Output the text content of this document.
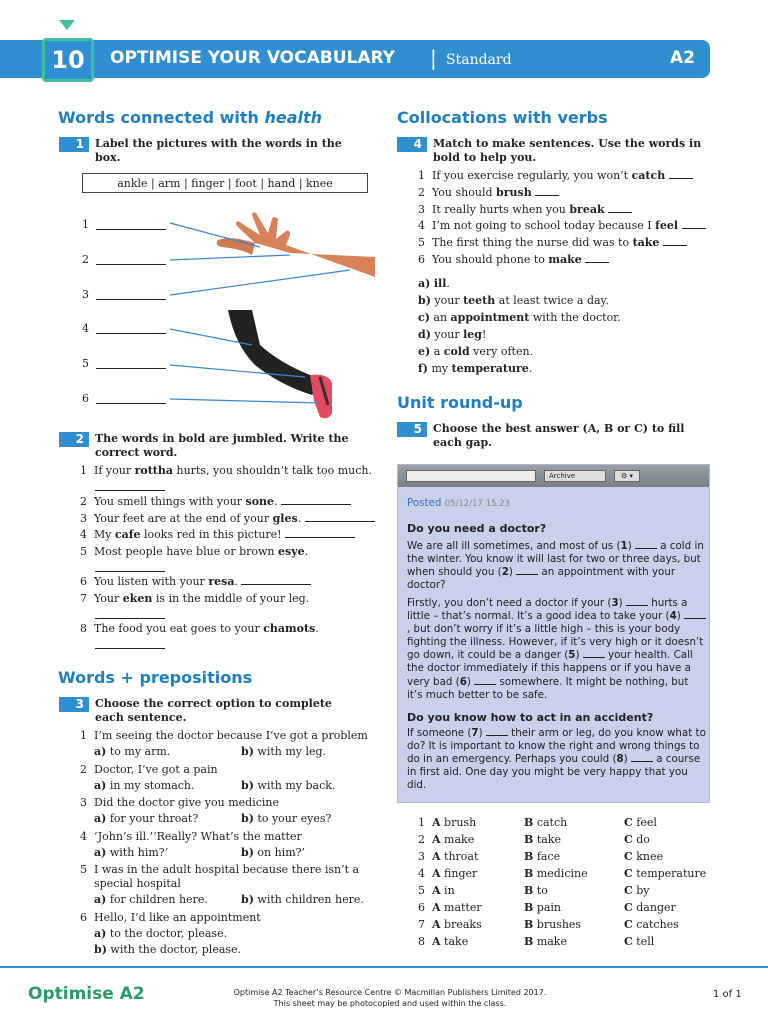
10	OPTIMISE YOUR VOCABULARY | Standard	A2
Words connected with health
1	Label the pictures with the words in the box.
ankle | arm | finger | foot | hand | knee
1
2
3
4
5
6
2	The words in bold are jumbled. Write the correct word.
1 If your rottha hurts, you shouldn’t talk too much.
2 You smell things with your sone.
3 Your feet are at the end of your gles.
4 My cafe looks red in this picture!
5 Most people have blue or brown esye.
6 You listen with your resa.
7 Your eken is in the middle of your leg.
8 The food you eat goes to your chamots.
Words + prepositions
3	Choose the correct option to complete each sentence.
1 I’m seeing the doctor because I’ve got a problem
a) to my arm.	b) with my leg.
2 Doctor, I’ve got a pain
a) in my stomach.	b) with my back.
3 Did the doctor give you medicine
a) for your throat?	b) to your eyes?
4 ‘John’s ill.’‘Really? What’s the matter
a) with him?’	b) on him?’
5 I was in the adult hospital because there isn’t a
special hospital
a) for children here.	b) with children here.
6 Hello, I’d like an appointment
a) to the doctor, please.
b) with the doctor, please.
Collocations with verbs
4	Match to make sentences. Use the words in bold to help you.
1 If you exercise regularly, you won’t catch
2 You should brush
3 It really hurts when you break
4 I’m not going to school today because I feel
5 The first thing the nurse did was to take
6 You should phone to make
a) ill.
b) your teeth at least twice a day.
c) an appointment with the doctor.
d) your leg!
e) a cold very often.
f) my temperature.
Unit round-up
5	Choose the best answer (A, B or C) to fill each gap.
Archive	⚙ ▾
Posted 05/12/17 15.23
Do you need a doctor?
We are all ill sometimes, and most of us (1)  a cold in the winter. You know it will last for two or three days, but when should you (2)  an appointment with your doctor?
Firstly, you don’t need a doctor if your (3)  hurts a little – that’s normal. It’s a good idea to take your (4)  , but don’t worry if it’s a little high – this is your body fighting the illness. However, if it’s very high or it doesn’t go down, it could be a danger (5)  your health. Call the doctor immediately if this happens or if you have a very bad (6)  somewhere. It might be nothing, but it’s much better to be safe.
Do you know how to act in an accident?
If someone (7)  their arm or leg, do you know what to do? It is important to know the right and wrong things to do in an emergency. Perhaps you could (8)  a course in first aid. One day you might be very happy that you did.
1 A brush	B catch	C feel
2 A make	B take	C do
3 A throat	B face	C knee
4 A finger	B medicine	C temperature
5 A in	B to	C by
6 A matter	B pain	C danger
7 A breaks	B brushes	C catches
8 A take	B make	C tell
Optimise A2	Optimise A2 Teacher’s Resource Centre © Macmillan Publishers Limited 2017.
This sheet may be photocopied and used within the class.
1 of 1
